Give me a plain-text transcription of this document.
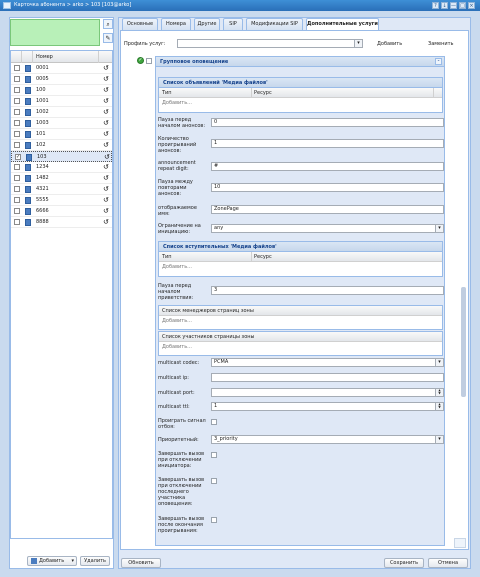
Карточка абонента > arko > 103 [103@arko]	?	↓ — □ ×
⌕
✎
Номер
0001	↺
0005	↺
100	↺
1001	↺
1002	↺
1003	↺
101	↺
102	↺
✓	103	↺
1234	↺
1482	↺
4321	↺
5555	↺
6666	↺
8888	↺
Добавить ▾	Удалить
Основные	Номера	Другие	SIP	Модификации SIP	Дополнительные услуги
Профиль услуг:	▾	Добавить	Заменить
✓	Групповое оповещение	⌃
Список объявлений 'Медиа файлов'
Тип	Ресурс
Добавить...
Пауза перед началом анонсов:
0
Количество проигрываний анонсов:
1
announcement repeat digit:	#
Пауза между повторами анонсов:
10
отображаемое имя:
ZonePage
Ограничение на инициацию:
any	▾
Список вступительных 'Медиа файлов'
Тип	Ресурс
Добавить...
Пауза перед началом приветствия:
3
Список менеджеров страниц зоны
Добавить...
Список участников страницы зоны
Добавить...
multicast codec:	PCMA	▾
multicast ip:
multicast port:	▲
▼
multicast ttl:	1	▲
▼
Проиграть сигнал отбоя:
Приоритетный:	3_priority	▾
Завершать вызов при отключении инициатора:
Завершать вызов при отключении последнего участника оповещения:
Завершать вызов после окончания проигрывания:
Обновить	Сохранить	Отмена
